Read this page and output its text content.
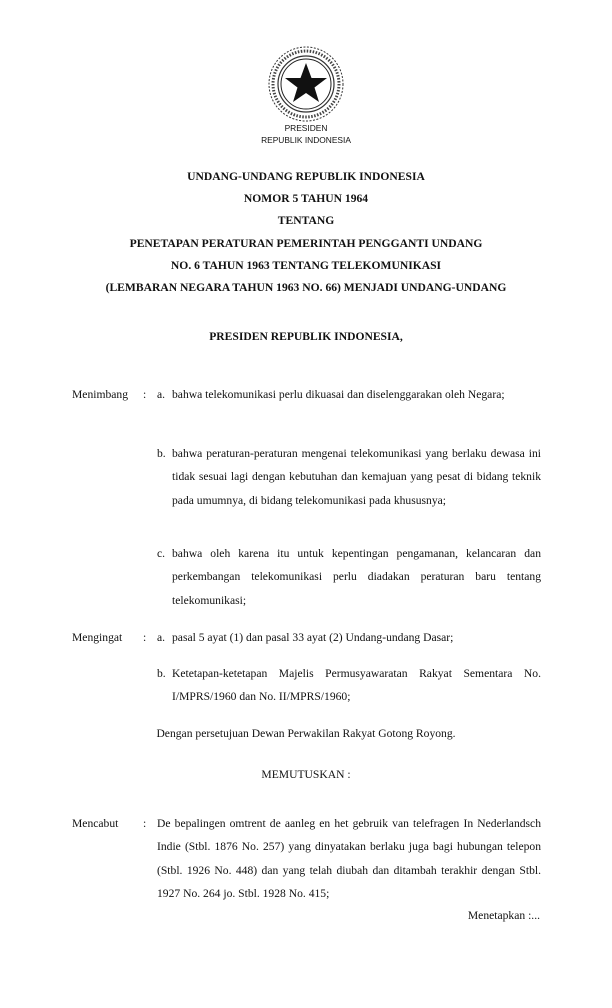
PRESIDEN
REPUBLIK INDONESIA
UNDANG-UNDANG REPUBLIK INDONESIA
NOMOR 5 TAHUN 1964
TENTANG
PENETAPAN PERATURAN PEMERINTAH PENGGANTI UNDANG
NO. 6 TAHUN 1963 TENTANG TELEKOMUNIKASI
(LEMBARAN NEGARA TAHUN 1963 NO. 66) MENJADI UNDANG-UNDANG
PRESIDEN REPUBLIK INDONESIA,
Menimbang : a. bahwa telekomunikasi perlu dikuasai dan diselenggarakan oleh Negara;
b. bahwa peraturan-peraturan mengenai telekomunikasi yang berlaku dewasa ini tidak sesuai lagi dengan kebutuhan dan kemajuan yang pesat di bidang teknik pada umumnya, di bidang telekomunikasi pada khususnya;
c. bahwa oleh karena itu untuk kepentingan pengamanan, kelancaran dan perkembangan telekomunikasi perlu diadakan peraturan baru tentang telekomunikasi;
Mengingat : a. pasal 5 ayat (1) dan pasal 33 ayat (2) Undang-undang Dasar;
b. Ketetapan-ketetapan Majelis Permusyawaratan Rakyat Sementara No. I/MPRS/1960 dan No. II/MPRS/1960;
Dengan persetujuan Dewan Perwakilan Rakyat Gotong Royong.
MEMUTUSKAN :
Mencabut : De bepalingen omtrent de aanleg en het gebruik van telefragen In Nederlandsch Indie (Stbl. 1876 No. 257) yang dinyatakan berlaku juga bagi hubungan telepon (Stbl. 1926 No. 448) dan yang telah diubah dan ditambah terakhir dengan Stbl. 1927 No. 264 jo. Stbl. 1928 No. 415;
Menetapkan :...
